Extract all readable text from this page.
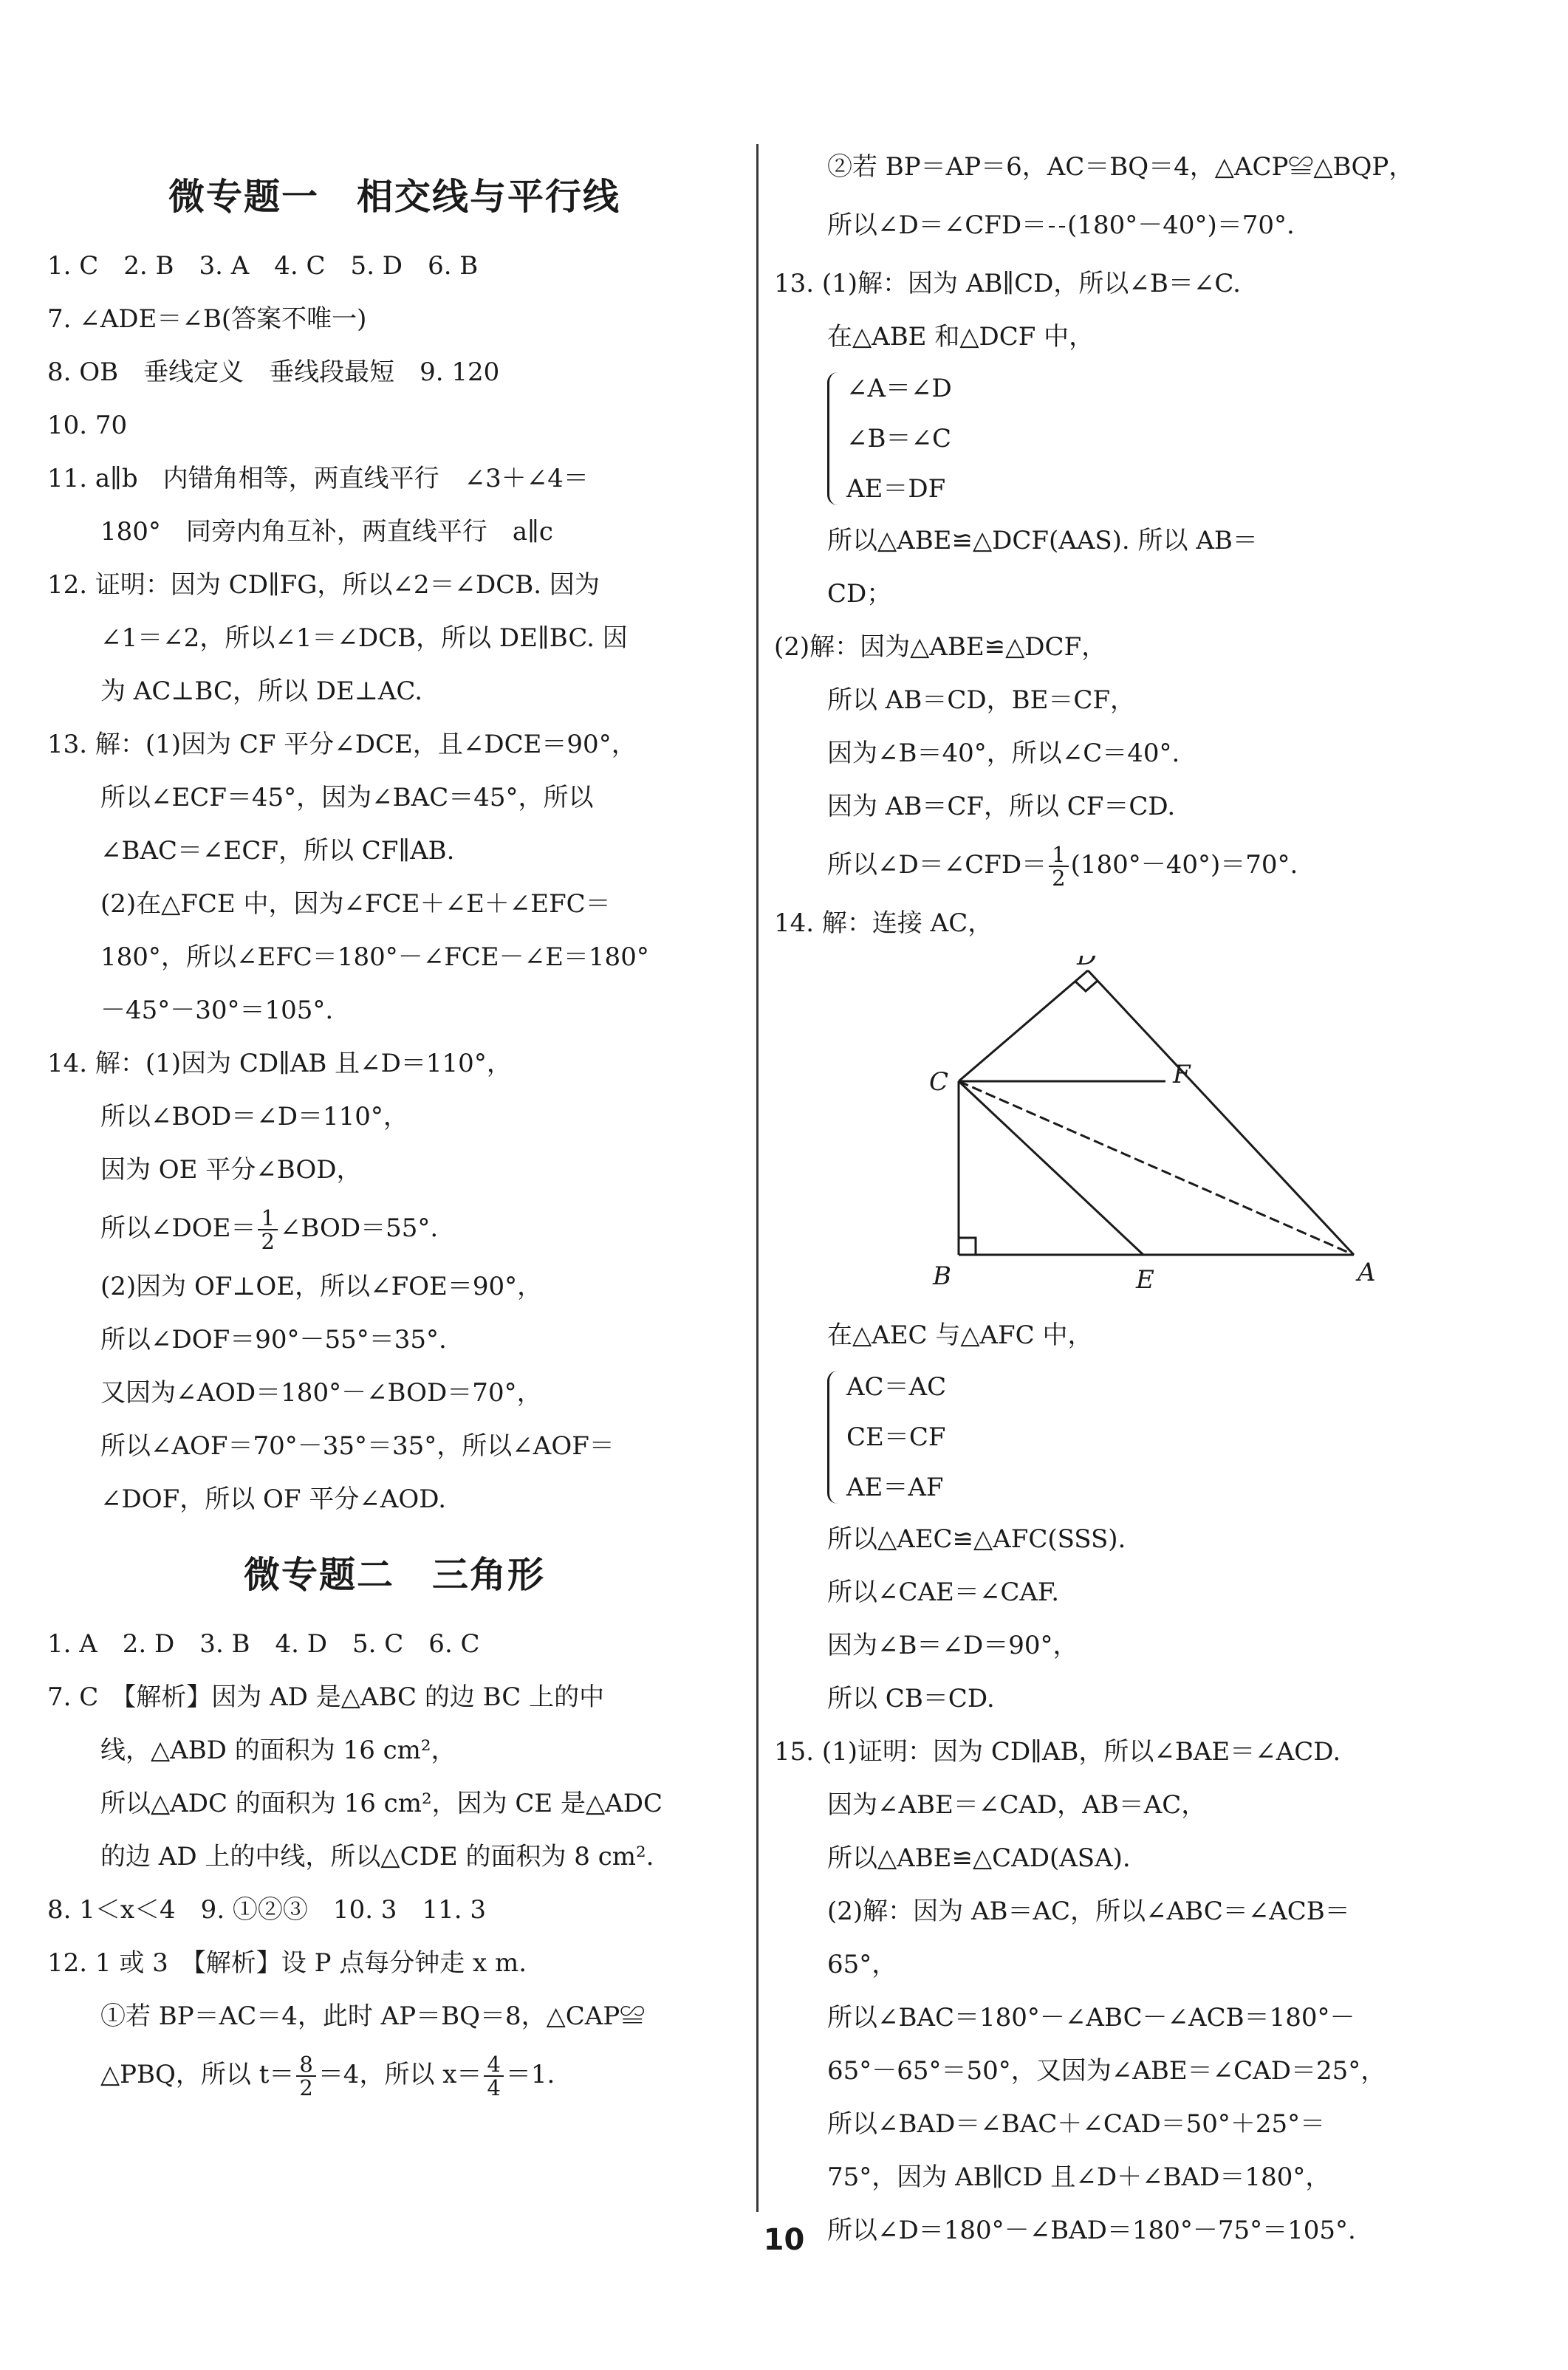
微专题一　相交线与平行线
1. C　2. B　3. A　4. C　5. D　6. B
7. ∠ADE＝∠B(答案不唯一)
8. OB　垂线定义　垂线段最短　9. 120
10. 70
11. a∥b　内错角相等，两直线平行　∠3＋∠4＝
180°　同旁内角互补，两直线平行　a∥c
12. 证明：因为 CD∥FG，所以∠2＝∠DCB. 因为
∠1＝∠2，所以∠1＝∠DCB，所以 DE∥BC. 因
为 AC⊥BC，所以 DE⊥AC.
13. 解：(1)因为 CF 平分∠DCE，且∠DCE＝90°，
所以∠ECF＝45°，因为∠BAC＝45°，所以
∠BAC＝∠ECF，所以 CF∥AB.
(2)在△FCE 中，因为∠FCE＋∠E＋∠EFC＝
180°，所以∠EFC＝180°－∠FCE－∠E＝180°
－45°－30°＝105°.
14. 解：(1)因为 CD∥AB 且∠D＝110°，
所以∠BOD＝∠D＝110°，
因为 OE 平分∠BOD，
所以∠DOE＝ $\frac{1}{2}$ ∠BOD＝55°.
(2)因为 OF⊥OE，所以∠FOE＝90°，
所以∠DOF＝90°－55°＝35°.
又因为∠AOD＝180°－∠BOD＝70°，
所以∠AOF＝70°－35°＝35°，所以∠AOF＝
∠DOF，所以 OF 平分∠AOD.
微专题二　三角形
1. A　2. D　3. B　4. D　5. C　6. C
7. C　【解析】因为 AD 是△ABC 的边 BC 上的中
线，△ABD 的面积为 16 cm²，
所以△ADC 的面积为 16 cm²，因为 CE 是△ADC
的边 AD 上的中线，所以△CDE 的面积为 8 cm².
8. 1＜x＜4　9. ①②③　10. 3　11. 3
12. 1 或 3　【解析】设 P 点每分钟走 x m.
①若 BP＝AC＝4，此时 AP＝BQ＝8，△CAP≌
△PBQ，所以 $t= \frac{8}{2} =4$，所以 $x= \frac{4}{4} =1$.
②若 BP＝AP＝6，AC＝BQ＝4，△ACP≌△BQP，
所以∠D＝∠CFD＝ (180°－40°)＝70°.
13. (1)解：因为 AB∥CD，所以∠B＝∠C.
在△ABE 和△DCF 中，
∠A＝∠D
∠B＝∠C
AE＝DF
所以△ABE≌△DCF(AAS). 所以 AB＝
CD；
(2)解：因为△ABE≌△DCF，
所以 AB＝CD，BE＝CF，
因为∠B＝40°，所以∠C＝40°.
因为 AB＝CF，所以 CF＝CD.
所以∠D＝∠CFD＝ $\frac{1}{2} (180^\circ-40^\circ)=70^\circ$.
14. 解：连接 AC，
D
C	F
B	E	A
在△AEC 与△AFC 中，
AC＝AC
CE＝CF
AE＝AF
所以△AEC≌△AFC(SSS).
所以∠CAE＝∠CAF.
因为∠B＝∠D＝90°，
所以 CB＝CD.
15. (1)证明：因为 CD∥AB，所以∠BAE＝∠ACD.
因为∠ABE＝∠CAD，AB＝AC，
所以△ABE≌△CAD(ASA).
(2)解：因为 AB＝AC，所以∠ABC＝∠ACB＝
65°，
所以∠BAC＝180°－∠ABC－∠ACB＝180°－
65°－65°＝50°，又因为∠ABE＝∠CAD＝25°，
所以∠BAD＝∠BAC＋∠CAD＝50°＋25°＝
75°，因为 AB∥CD 且∠D＋∠BAD＝180°，
所以∠D＝180°－∠BAD＝180°－75°＝105°.
10
